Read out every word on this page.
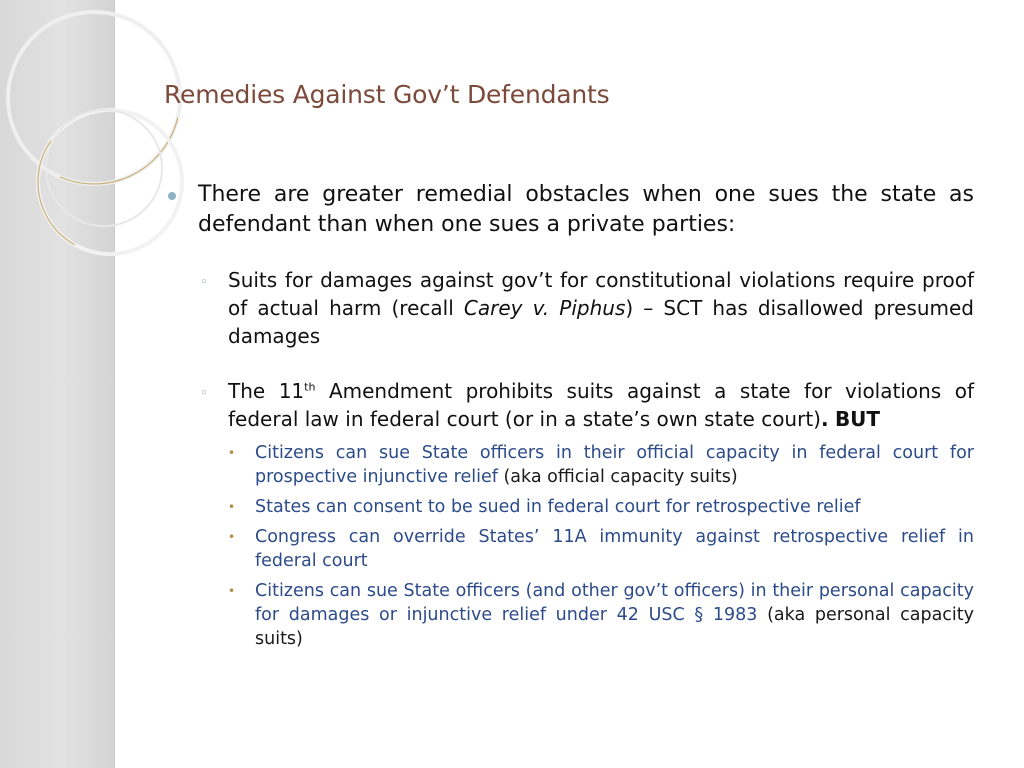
Remedies Against Gov’t Defendants
There are greater remedial obstacles when one sues the state as defendant than when one sues a private parties:
◦ Suits for damages against gov’t for constitutional violations require proof of actual harm (recall Carey v. Piphus) – SCT has disallowed presumed damages
◦ The 11th Amendment prohibits suits against a state for violations of federal law in federal court (or in a state’s own state court). BUT
• Citizens can sue State officers in their official capacity in federal court for prospective injunctive relief (aka official capacity suits)
• States can consent to be sued in federal court for retrospective relief
• Congress can override States’ 11A immunity against retrospective relief in federal court
• Citizens can sue State officers (and other gov’t officers) in their personal capacity for damages or injunctive relief under 42 USC § 1983 (aka personal capacity suits)
